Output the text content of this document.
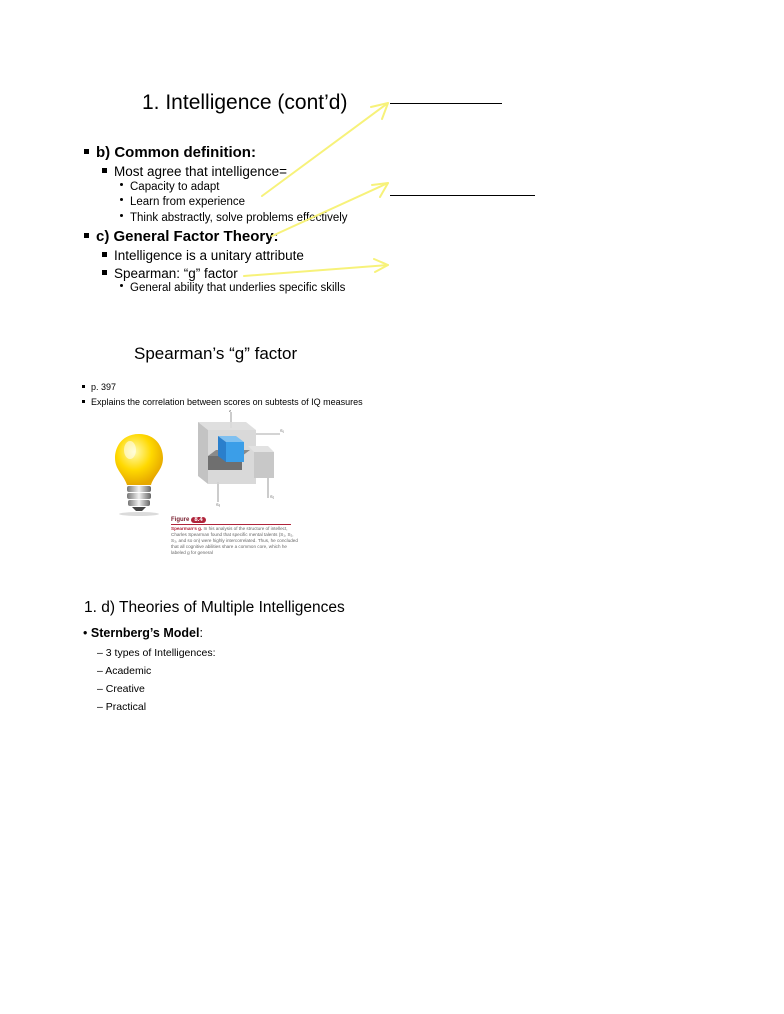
1. Intelligence (cont’d)
b) Common definition:
Most agree that intelligence=
Capacity to adapt
Learn from experience
Think abstractly, solve problems effectively
c) General Factor Theory:
Intelligence is a unitary attribute
Spearman: “g” factor
General ability that underlies specific skills
Spearman’s “g” factor
p. 397
Explains the correlation between scores on subtests of IQ measures
z
S₁
S₂
S₃
Figure 8.4
Spearman’s g. In his analysis of the structure of intellect, Charles Spearman found that specific mental talents (S₁, S₂, S₃, and so on) were highly intercorrelated. Thus, he concluded that all cognitive abilities share a common core, which he labeled g for general
1. d) Theories of Multiple Intelligences
• Sternberg’s Model:
– 3 types of Intelligences:
– Academic
– Creative
– Practical
